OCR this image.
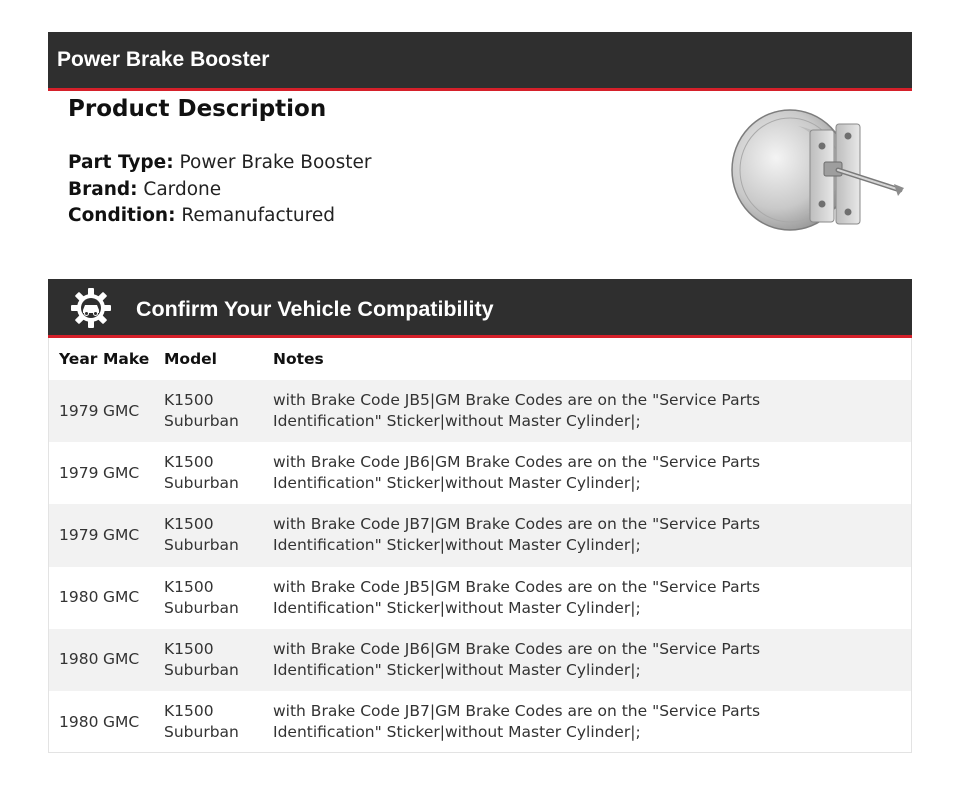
Power Brake Booster
Product Description
Part Type: Power Brake Booster
Brand: Cardone
Condition: Remanufactured
Confirm Your Vehicle Compatibility
Year	Make	Model	Notes
1979	GMC	K1500 Suburban	with Brake Code JB5|GM Brake Codes are on the "Service Parts Identification" Sticker|without Master Cylinder|;
1979	GMC	K1500 Suburban	with Brake Code JB6|GM Brake Codes are on the "Service Parts Identification" Sticker|without Master Cylinder|;
1979	GMC	K1500 Suburban	with Brake Code JB7|GM Brake Codes are on the "Service Parts Identification" Sticker|without Master Cylinder|;
1980	GMC	K1500 Suburban	with Brake Code JB5|GM Brake Codes are on the "Service Parts Identification" Sticker|without Master Cylinder|;
1980	GMC	K1500 Suburban	with Brake Code JB6|GM Brake Codes are on the "Service Parts Identification" Sticker|without Master Cylinder|;
1980	GMC	K1500 Suburban	with Brake Code JB7|GM Brake Codes are on the "Service Parts Identification" Sticker|without Master Cylinder|;
